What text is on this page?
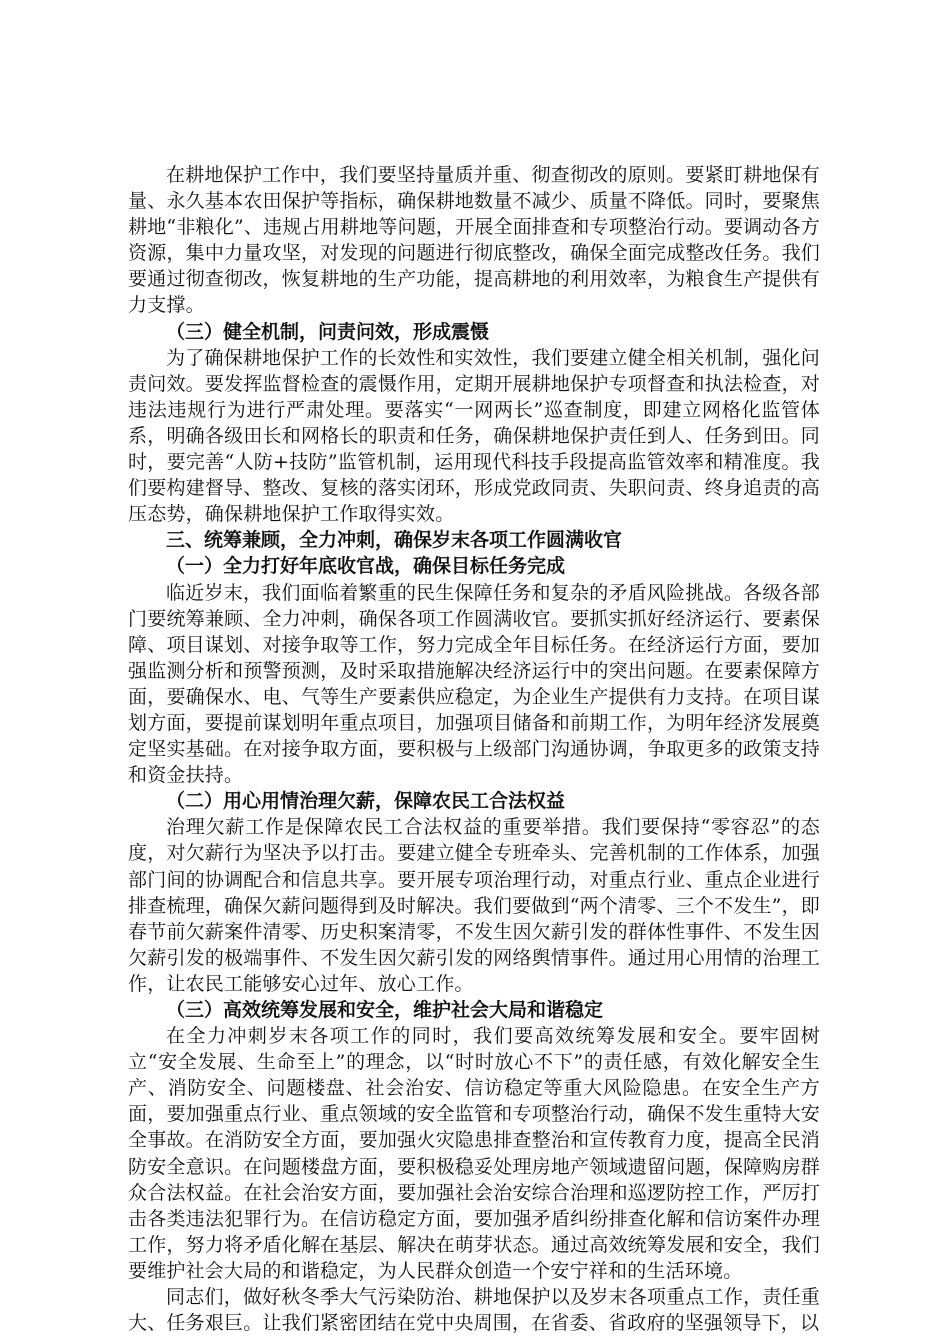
在耕地保护工作中，我们要坚持量质并重、彻查彻改的原则。要紧盯耕地保有量、永久基本农田保护等指标，确保耕地数量不减少、质量不降低。同时，要聚焦耕地“非粮化”、违规占用耕地等问题，开展全面排查和专项整治行动。要调动各方资源，集中力量攻坚，对发现的问题进行彻底整改，确保全面完成整改任务。我们要通过彻查彻改，恢复耕地的生产功能，提高耕地的利用效率，为粮食生产提供有力支撑。

（三）健全机制，问责问效，形成震慑

为了确保耕地保护工作的长效性和实效性，我们要建立健全相关机制，强化问责问效。要发挥监督检查的震慑作用，定期开展耕地保护专项督查和执法检查，对违法违规行为进行严肃处理。要落实“一网两长”巡查制度，即建立网格化监管体系，明确各级田长和网格长的职责和任务，确保耕地保护责任到人、任务到田。同时，要完善“人防+技防”监管机制，运用现代科技手段提高监管效率和精准度。我们要构建督导、整改、复核的落实闭环，形成党政同责、失职问责、终身追责的高压态势，确保耕地保护工作取得实效。

三、统筹兼顾，全力冲刺，确保岁末各项工作圆满收官
（一）全力打好年底收官战，确保目标任务完成

临近岁末，我们面临着繁重的民生保障任务和复杂的矛盾风险挑战。各级各部门要统筹兼顾、全力冲刺，确保各项工作圆满收官。要抓实抓好经济运行、要素保障、项目谋划、对接争取等工作，努力完成全年目标任务。在经济运行方面，要加强监测分析和预警预测，及时采取措施解决经济运行中的突出问题。在要素保障方面，要确保水、电、气等生产要素供应稳定，为企业生产提供有力支持。在项目谋划方面，要提前谋划明年重点项目，加强项目储备和前期工作，为明年经济发展奠定坚实基础。在对接争取方面，要积极与上级部门沟通协调，争取更多的政策支持和资金扶持。

（二）用心用情治理欠薪，保障农民工合法权益

治理欠薪工作是保障农民工合法权益的重要举措。我们要保持“零容忍”的态度，对欠薪行为坚决予以打击。要建立健全专班牵头、完善机制的工作体系，加强部门间的协调配合和信息共享。要开展专项治理行动，对重点行业、重点企业进行排查梳理，确保欠薪问题得到及时解决。我们要做到“两个清零、三个不发生”，即春节前欠薪案件清零、历史积案清零，不发生因欠薪引发的群体性事件、不发生因欠薪引发的极端事件、不发生因欠薪引发的网络舆情事件。通过用心用情的治理工作，让农民工能够安心过年、放心工作。

（三）高效统筹发展和安全，维护社会大局和谐稳定

在全力冲刺岁末各项工作的同时，我们要高效统筹发展和安全。要牢固树立“安全发展、生命至上”的理念，以“时时放心不下”的责任感，有效化解安全生产、消防安全、问题楼盘、社会治安、信访稳定等重大风险隐患。在安全生产方面，要加强重点行业、重点领域的安全监管和专项整治行动，确保不发生重特大安全事故。在消防安全方面，要加强火灾隐患排查整治和宣传教育力度，提高全民消防安全意识。在问题楼盘方面，要积极稳妥处理房地产领域遗留问题，保障购房群众合法权益。在社会治安方面，要加强社会治安综合治理和巡逻防控工作，严厉打击各类违法犯罪行为。在信访稳定方面，要加强矛盾纠纷排查化解和信访案件办理工作，努力将矛盾化解在基层、解决在萌芽状态。通过高效统筹发展和安全，我们要维护社会大局的和谐稳定，为人民群众创造一个安宁祥和的生活环境。

同志们，做好秋冬季大气污染防治、耕地保护以及岁末各项重点工作，责任重大、任务艰巨。让我们紧密团结在党中央周围，在省委、省政府的坚强领导下，以
